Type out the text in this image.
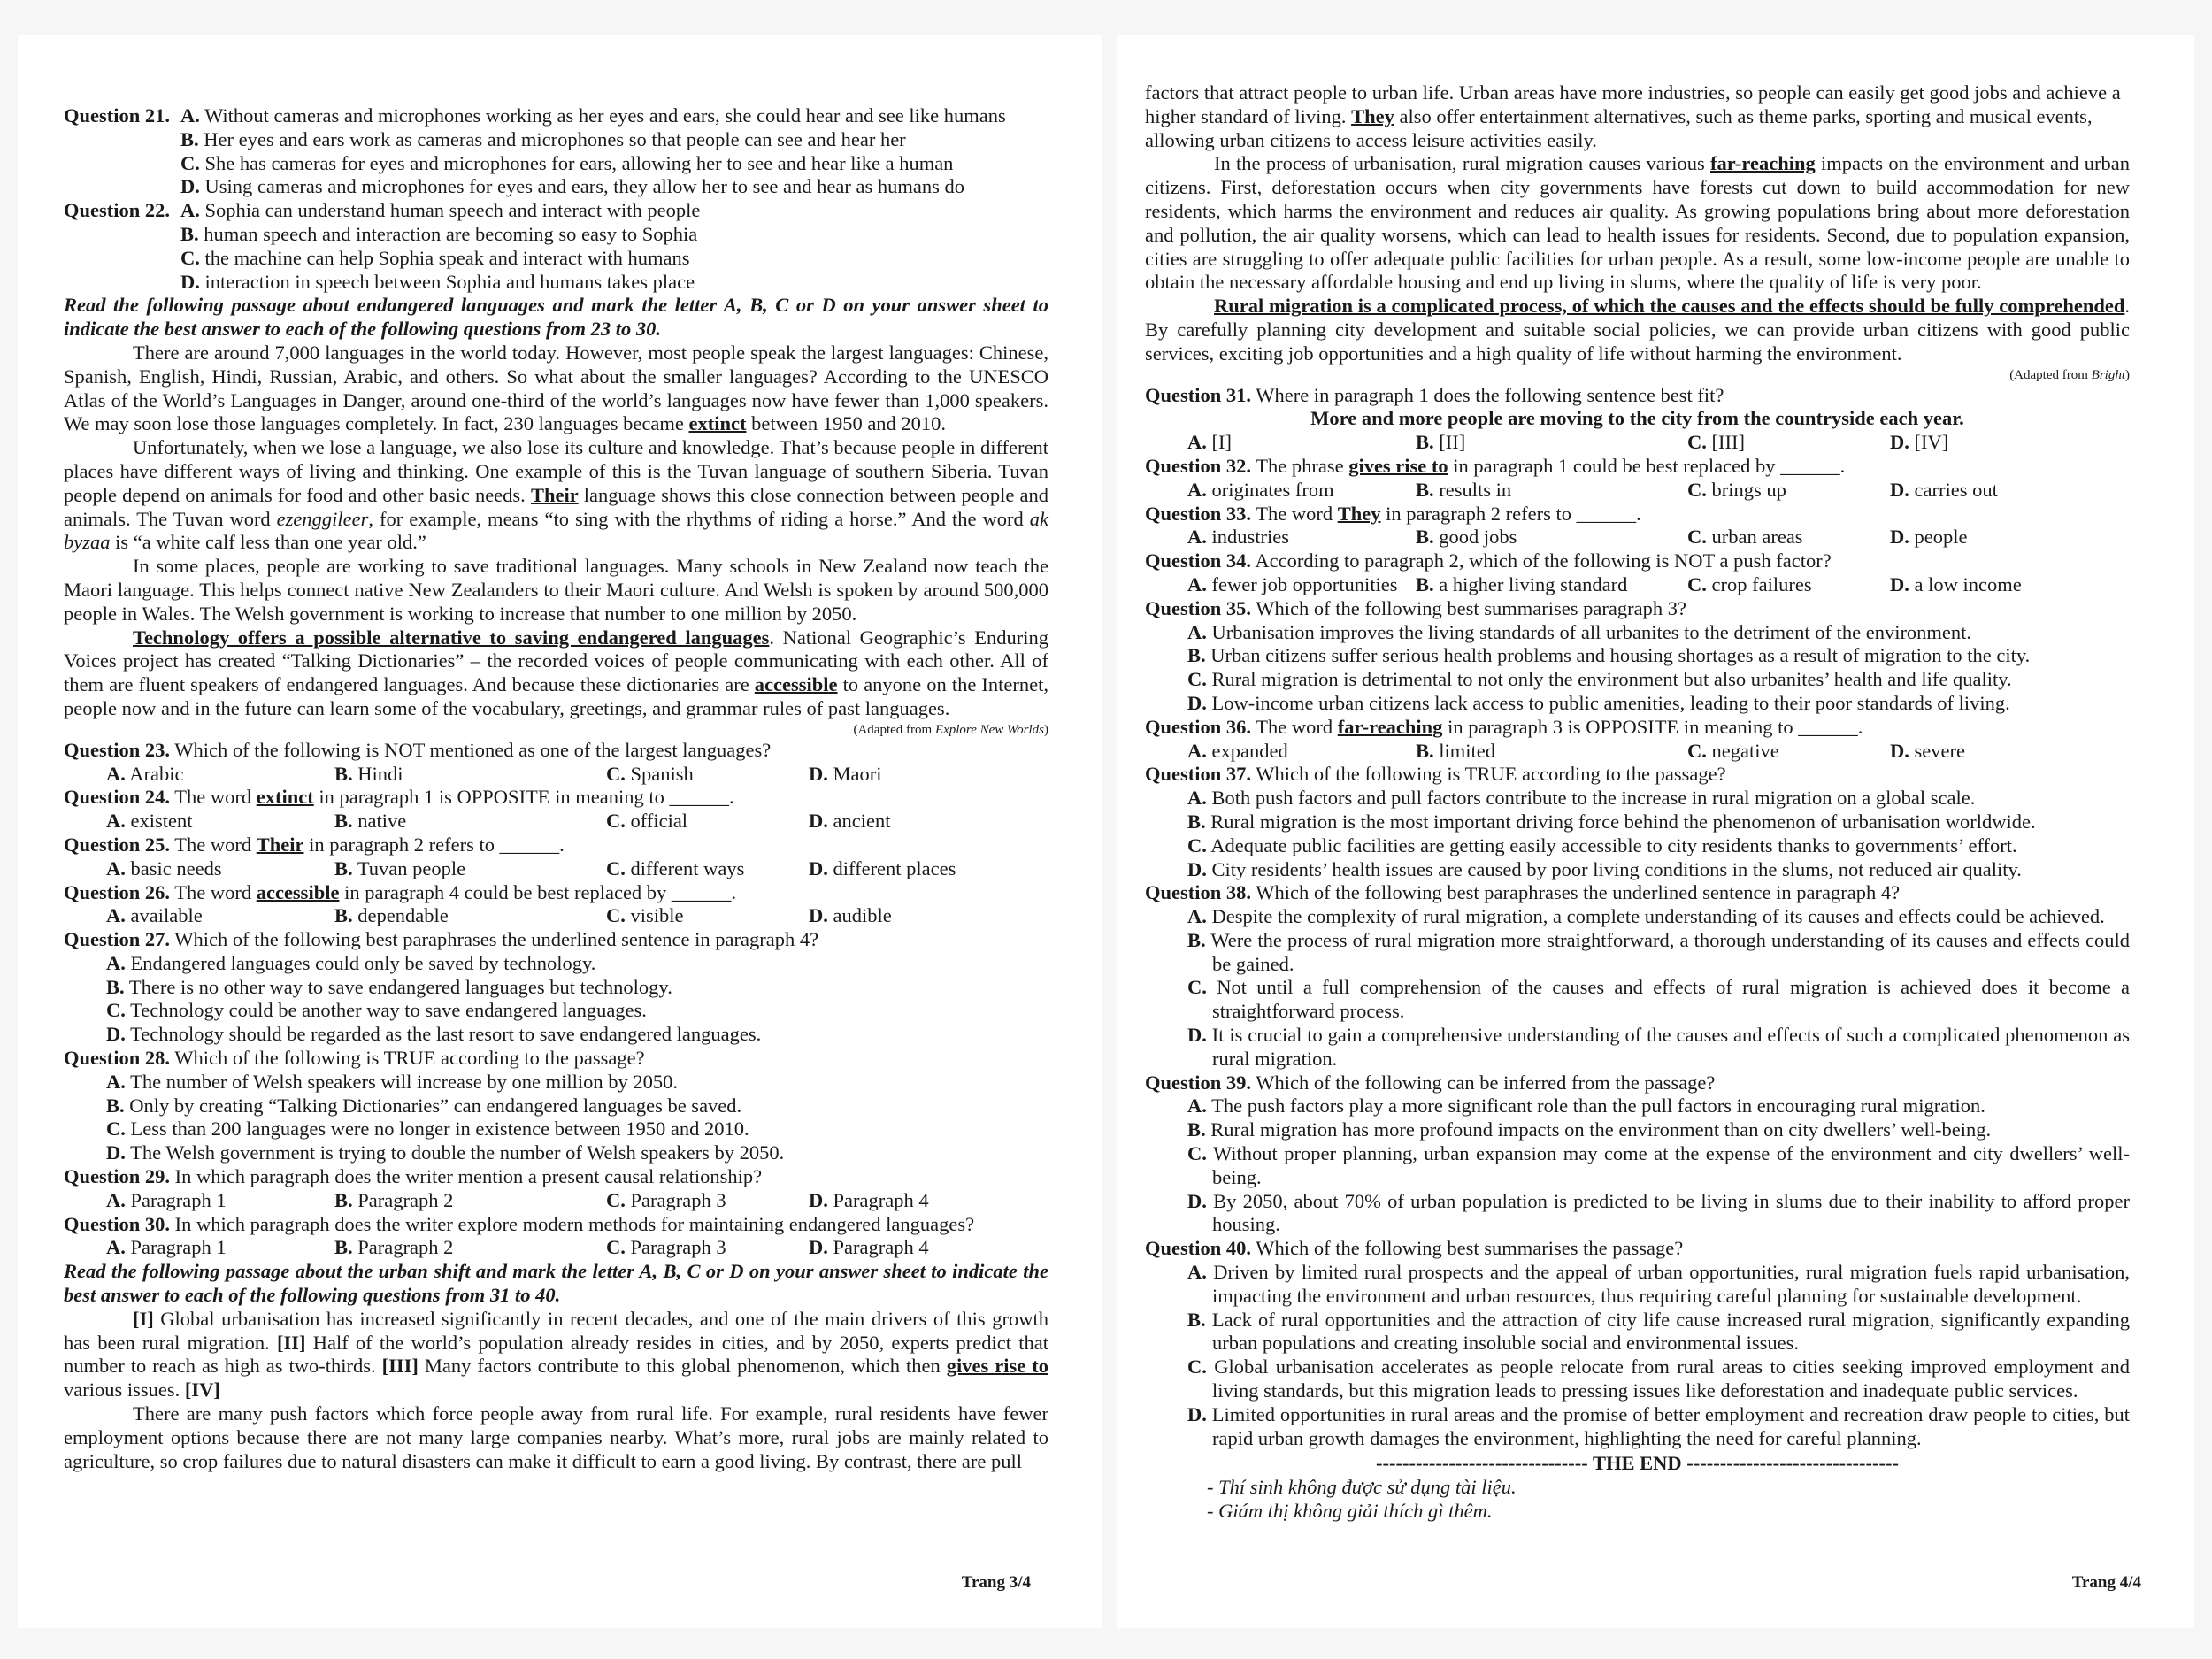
Question 21. A. Without cameras and microphones working as her eyes and ears, she could hear and see like humans
B. Her eyes and ears work as cameras and microphones so that people can see and hear her
C. She has cameras for eyes and microphones for ears, allowing her to see and hear like a human
D. Using cameras and microphones for eyes and ears, they allow her to see and hear as humans do
Question 22. A. Sophia can understand human speech and interact with people
B. human speech and interaction are becoming so easy to Sophia
C. the machine can help Sophia speak and interact with humans
D. interaction in speech between Sophia and humans takes place
Read the following passage about endangered languages and mark the letter A, B, C or D on your answer sheet to indicate the best answer to each of the following questions from 23 to 30.
There are around 7,000 languages in the world today. However, most people speak the largest languages: Chinese, Spanish, English, Hindi, Russian, Arabic, and others. So what about the smaller languages? According to the UNESCO Atlas of the World’s Languages in Danger, around one-third of the world’s languages now have fewer than 1,000 speakers. We may soon lose those languages completely. In fact, 230 languages became extinct between 1950 and 2010.
Unfortunately, when we lose a language, we also lose its culture and knowledge. That’s because people in different places have different ways of living and thinking. One example of this is the Tuvan language of southern Siberia. Tuvan people depend on animals for food and other basic needs. Their language shows this close connection between people and animals. The Tuvan word ezenggileer, for example, means “to sing with the rhythms of riding a horse.” And the word ak byzaa is “a white calf less than one year old.”
In some places, people are working to save traditional languages. Many schools in New Zealand now teach the Maori language. This helps connect native New Zealanders to their Maori culture. And Welsh is spoken by around 500,000 people in Wales. The Welsh government is working to increase that number to one million by 2050.
Technology offers a possible alternative to saving endangered languages. National Geographic’s Enduring Voices project has created “Talking Dictionaries” – the recorded voices of people communicating with each other. All of them are fluent speakers of endangered languages. And because these dictionaries are accessible to anyone on the Internet, people now and in the future can learn some of the vocabulary, greetings, and grammar rules of past languages.
(Adapted from Explore New Worlds)
Question 23. Which of the following is NOT mentioned as one of the largest languages?
A. Arabic	B. Hindi	C. Spanish	D. Maori
Question 24. The word extinct in paragraph 1 is OPPOSITE in meaning to ______.
A. existent	B. native	C. official	D. ancient
Question 25. The word Their in paragraph 2 refers to ______.
A. basic needs	B. Tuvan people	C. different ways	D. different places
Question 26. The word accessible in paragraph 4 could be best replaced by ______.
A. available	B. dependable	C. visible	D. audible
Question 27. Which of the following best paraphrases the underlined sentence in paragraph 4?
A. Endangered languages could only be saved by technology.
B. There is no other way to save endangered languages but technology.
C. Technology could be another way to save endangered languages.
D. Technology should be regarded as the last resort to save endangered languages.
Question 28. Which of the following is TRUE according to the passage?
A. The number of Welsh speakers will increase by one million by 2050.
B. Only by creating “Talking Dictionaries” can endangered languages be saved.
C. Less than 200 languages were no longer in existence between 1950 and 2010.
D. The Welsh government is trying to double the number of Welsh speakers by 2050.
Question 29. In which paragraph does the writer mention a present causal relationship?
A. Paragraph 1	B. Paragraph 2	C. Paragraph 3	D. Paragraph 4
Question 30. In which paragraph does the writer explore modern methods for maintaining endangered languages?
A. Paragraph 1	B. Paragraph 2	C. Paragraph 3	D. Paragraph 4
Read the following passage about the urban shift and mark the letter A, B, C or D on your answer sheet to indicate the best answer to each of the following questions from 31 to 40.
[I] Global urbanisation has increased significantly in recent decades, and one of the main drivers of this growth has been rural migration. [II] Half of the world’s population already resides in cities, and by 2050, experts predict that number to reach as high as two-thirds. [III] Many factors contribute to this global phenomenon, which then gives rise to various issues. [IV]
There are many push factors which force people away from rural life. For example, rural residents have fewer employment options because there are not many large companies nearby. What’s more, rural jobs are mainly related to agriculture, so crop failures due to natural disasters can make it difficult to earn a good living. By contrast, there are pull
Trang 3/4
factors that attract people to urban life. Urban areas have more industries, so people can easily get good jobs and achieve a higher standard of living. They also offer entertainment alternatives, such as theme parks, sporting and musical events, allowing urban citizens to access leisure activities easily.
In the process of urbanisation, rural migration causes various far-reaching impacts on the environment and urban citizens. First, deforestation occurs when city governments have forests cut down to build accommodation for new residents, which harms the environment and reduces air quality. As growing populations bring about more deforestation and pollution, the air quality worsens, which can lead to health issues for residents. Second, due to population expansion, cities are struggling to offer adequate public facilities for urban people. As a result, some low-income people are unable to obtain the necessary affordable housing and end up living in slums, where the quality of life is very poor.
Rural migration is a complicated process, of which the causes and the effects should be fully comprehended. By carefully planning city development and suitable social policies, we can provide urban citizens with good public services, exciting job opportunities and a high quality of life without harming the environment.
(Adapted from Bright)
Question 31. Where in paragraph 1 does the following sentence best fit?
More and more people are moving to the city from the countryside each year.
A. [I]	B. [II]	C. [III]	D. [IV]
Question 32. The phrase gives rise to in paragraph 1 could be best replaced by ______.
A. originates from	B. results in	C. brings up	D. carries out
Question 33. The word They in paragraph 2 refers to ______.
A. industries	B. good jobs	C. urban areas	D. people
Question 34. According to paragraph 2, which of the following is NOT a push factor?
A. fewer job opportunities B. a higher living standard	C. crop failures	D. a low income
Question 35. Which of the following best summarises paragraph 3?
A. Urbanisation improves the living standards of all urbanites to the detriment of the environment.
B. Urban citizens suffer serious health problems and housing shortages as a result of migration to the city.
C. Rural migration is detrimental to not only the environment but also urbanites’ health and life quality.
D. Low-income urban citizens lack access to public amenities, leading to their poor standards of living.
Question 36. The word far-reaching in paragraph 3 is OPPOSITE in meaning to ______.
A. expanded	B. limited	C. negative	D. severe
Question 37. Which of the following is TRUE according to the passage?
A. Both push factors and pull factors contribute to the increase in rural migration on a global scale.
B. Rural migration is the most important driving force behind the phenomenon of urbanisation worldwide.
C. Adequate public facilities are getting easily accessible to city residents thanks to governments’ effort.
D. City residents’ health issues are caused by poor living conditions in the slums, not reduced air quality.
Question 38. Which of the following best paraphrases the underlined sentence in paragraph 4?
A. Despite the complexity of rural migration, a complete understanding of its causes and effects could be achieved.
B. Were the process of rural migration more straightforward, a thorough understanding of its causes and effects could be gained.
C. Not until a full comprehension of the causes and effects of rural migration is achieved does it become a straightforward process.
D. It is crucial to gain a comprehensive understanding of the causes and effects of such a complicated phenomenon as rural migration.
Question 39. Which of the following can be inferred from the passage?
A. The push factors play a more significant role than the pull factors in encouraging rural migration.
B. Rural migration has more profound impacts on the environment than on city dwellers’ well-being.
C. Without proper planning, urban expansion may come at the expense of the environment and city dwellers’ well-being.
D. By 2050, about 70% of urban population is predicted to be living in slums due to their inability to afford proper housing.
Question 40. Which of the following best summarises the passage?
A. Driven by limited rural prospects and the appeal of urban opportunities, rural migration fuels rapid urbanisation, impacting the environment and urban resources, thus requiring careful planning for sustainable development.
B. Lack of rural opportunities and the attraction of city life cause increased rural migration, significantly expanding urban populations and creating insoluble social and environmental issues.
C. Global urbanisation accelerates as people relocate from rural areas to cities seeking improved employment and living standards, but this migration leads to pressing issues like deforestation and inadequate public services.
D. Limited opportunities in rural areas and the promise of better employment and recreation draw people to cities, but rapid urban growth damages the environment, highlighting the need for careful planning.
-------------------------------- THE END --------------------------------
- Thí sinh không được sử dụng tài liệu.
- Giám thị không giải thích gì thêm.
Trang 4/4
